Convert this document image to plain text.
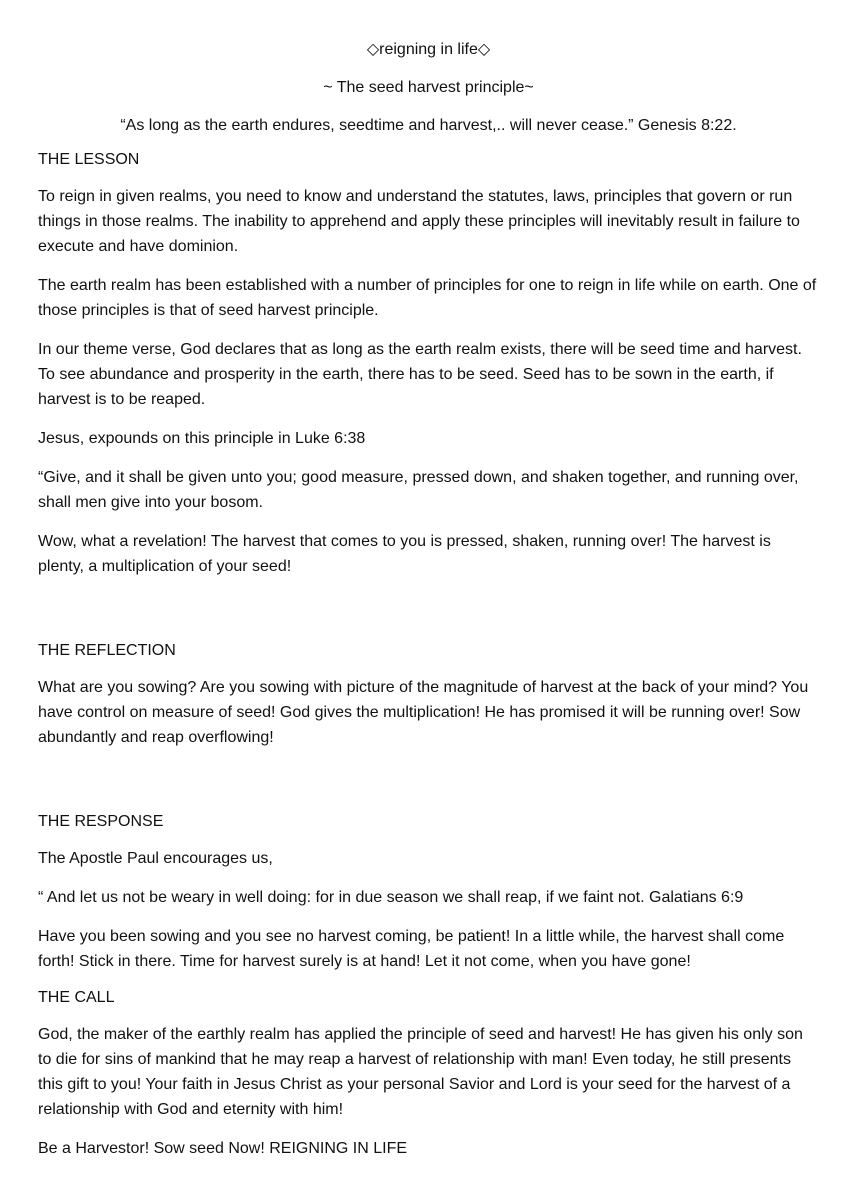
◇reigning in life◇

~ The seed harvest principle~

“As long as the earth endures, seedtime and harvest,.. will never cease.” Genesis 8:22.

THE LESSON

To reign in given realms, you need to know and understand the statutes, laws, principles that govern or run things in those realms. The inability to apprehend and apply these principles will inevitably result in failure to execute and have dominion.

The earth realm has been established with a number of principles for one to reign in life while on earth. One of those principles is that of seed harvest principle.

In our theme verse, God declares that as long as the earth realm exists, there will be seed time and harvest. To see abundance and prosperity in the earth, there has to be seed. Seed has to be sown in the earth, if harvest is to be reaped.

Jesus, expounds on this principle in Luke 6:38

“Give, and it shall be given unto you; good measure, pressed down, and shaken together, and running over, shall men give into your bosom.

Wow, what a revelation! The harvest that comes to you is pressed, shaken, running over! The harvest is plenty, a multiplication of your seed!

THE REFLECTION

What are you sowing? Are you sowing with picture of the magnitude of harvest at the back of your mind? You have control on measure of seed! God gives the multiplication! He has promised it will be running over! Sow abundantly and reap overflowing!

THE RESPONSE

The Apostle Paul encourages us,

“ And let us not be weary in well doing: for in due season we shall reap, if we faint not. Galatians 6:9

Have you been sowing and you see no harvest coming, be patient! In a little while, the harvest shall come forth! Stick in there. Time for harvest surely is at hand! Let it not come, when you have gone!

THE CALL

God, the maker of the earthly realm has applied the principle of seed and harvest! He has given his only son to die for sins of mankind that he may reap a harvest of relationship with man! Even today, he still presents this gift to you! Your faith in Jesus Christ as your personal Savior and Lord is your seed for the harvest of a relationship with God and eternity with him!

Be a Harvestor! Sow seed Now! REIGNING IN LIFE
